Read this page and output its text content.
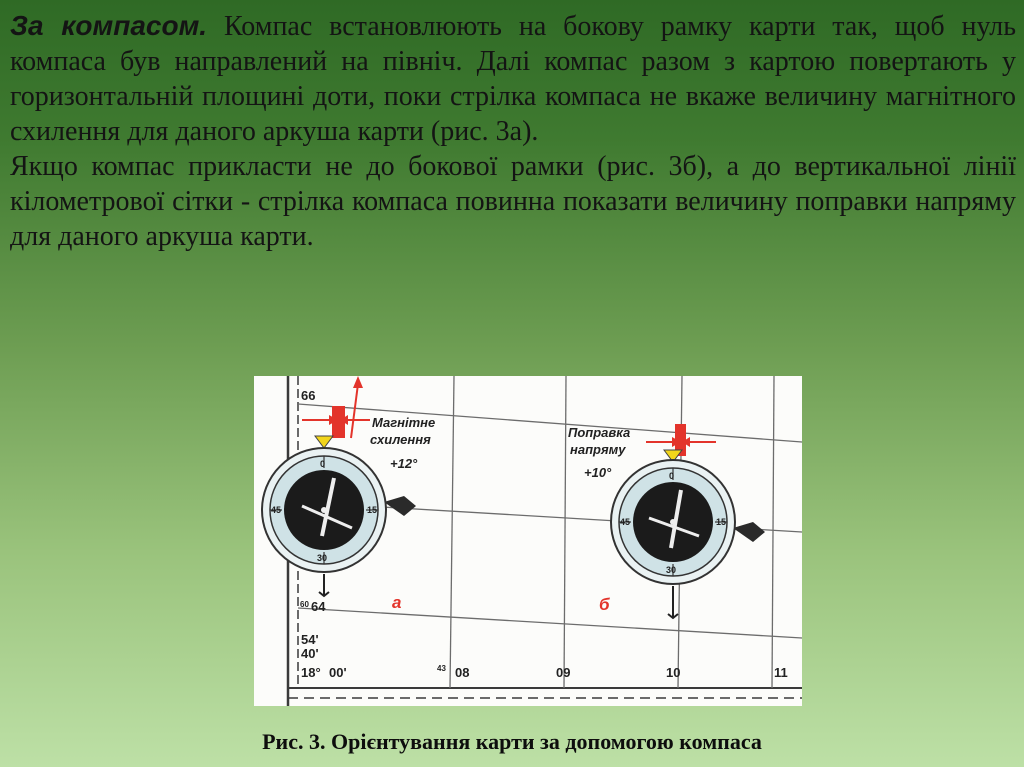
За компасом. Компас встановлюють на бокову рамку карти так, щоб нуль компаса був направлений на північ. Далі компас разом з картою повертають у горизонтальній площині доти, поки стрілка компаса не вкаже величину магнітного схилення для даного аркуша карти (рис. 3а).

Якщо компас прикласти не до бокової рамки (рис. 3б), а до вертикальної лінії кілометрової сітки - стрілка компаса повинна показати величину поправки напряму для даного аркуша карти.

66
60 64
54'
40'
18° 00'	43 08	09	10	11
а	б
Магнітне
схилення
+12°
Поправка
напряму
+10°
0
30
45	15
0
30
45	15
Рис. 3. Орієнтування карти за допомогою компаса
